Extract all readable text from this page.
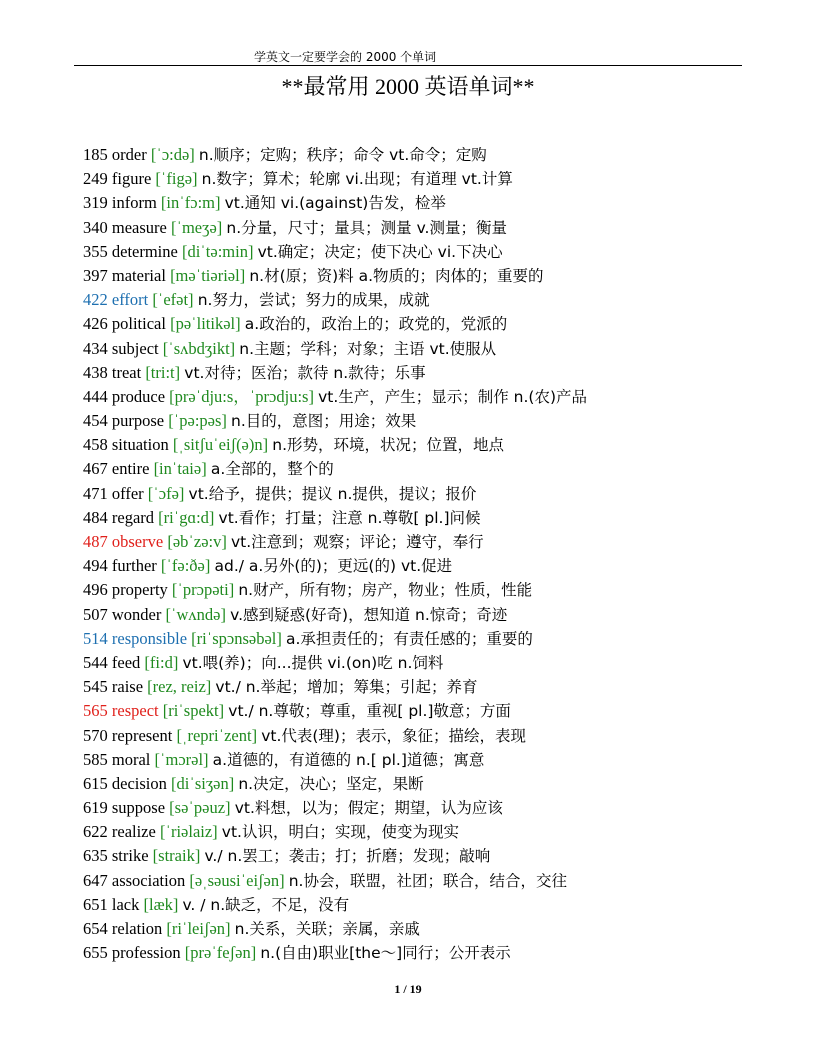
学英文一定要学会的 2000 个单词
**最常用 2000 英语单词**
185 order [ˈɔ:də] n.顺序；定购；秩序；命令 vt.命令；定购
249 figure [ˈfigə] n.数字；算术；轮廓 vi.出现；有道理 vt.计算
319 inform [inˈfɔ:m] vt.通知 vi.(against)告发，检举
340 measure [ˈmeʒə] n.分量，尺寸；量具；测量 v.测量；衡量
355 determine [diˈtə:min] vt.确定；决定；使下决心 vi.下决心
397 material [məˈtiəriəl] n.材(原；资)料 a.物质的；肉体的；重要的
422 effort [ˈefət] n.努力，尝试；努力的成果，成就
426 political [pəˈlitikəl] a.政治的，政治上的；政党的，党派的
434 subject [ˈsʌbdʒikt] n.主题；学科；对象；主语 vt.使服从
438 treat [tri:t] vt.对待；医治；款待 n.款待；乐事
444 produce [prəˈdju:s，ˈprɔdju:s] vt.生产，产生；显示；制作 n.(农)产品
454 purpose [ˈpə:pəs] n.目的，意图；用途；效果
458 situation [ˌsitʃuˈeiʃ(ə)n] n.形势，环境，状况；位置，地点
467 entire [inˈtaiə] a.全部的，整个的
471 offer [ˈɔfə] vt.给予，提供；提议 n.提供，提议；报价
484 regard [riˈgɑ:d] vt.看作；打量；注意 n.尊敬[ pl.]问候
487 observe [əbˈzə:v] vt.注意到；观察；评论；遵守，奉行
494 further [ˈfə:ðə] ad./ a.另外(的)；更远(的) vt.促进
496 property [ˈprɔpəti] n.财产，所有物；房产，物业；性质，性能
507 wonder [ˈwʌndə] v.感到疑惑(好奇)，想知道 n.惊奇；奇迹
514 responsible [riˈspɔnsəbəl] a.承担责任的；有责任感的；重要的
544 feed [fi:d] vt.喂(养)；向...提供 vi.(on)吃 n.饲料
545 raise [rez, reiz] vt./ n.举起；增加；筹集；引起；养育
565 respect [riˈspekt] vt./ n.尊敬；尊重，重视[ pl.]敬意；方面
570 represent [ˌrepriˈzent] vt.代表(理)；表示，象征；描绘，表现
585 moral [ˈmɔrəl] a.道德的，有道德的 n.[ pl.]道德；寓意
615 decision [diˈsiʒən] n.决定，决心；坚定，果断
619 suppose [səˈpəuz] vt.料想，以为；假定；期望，认为应该
622 realize [ˈriəlaiz] vt.认识，明白；实现，使变为现实
635 strike [straik] v./ n.罢工；袭击；打；折磨；发现；敲响
647 association [əˌsəusiˈeiʃən] n.协会，联盟，社团；联合，结合，交往
651 lack [læk] v. / n.缺乏，不足，没有
654 relation [riˈleiʃən] n.关系，关联；亲属，亲戚
655 profession [prəˈfeʃən] n.(自由)职业[the～]同行；公开表示
1 / 19
